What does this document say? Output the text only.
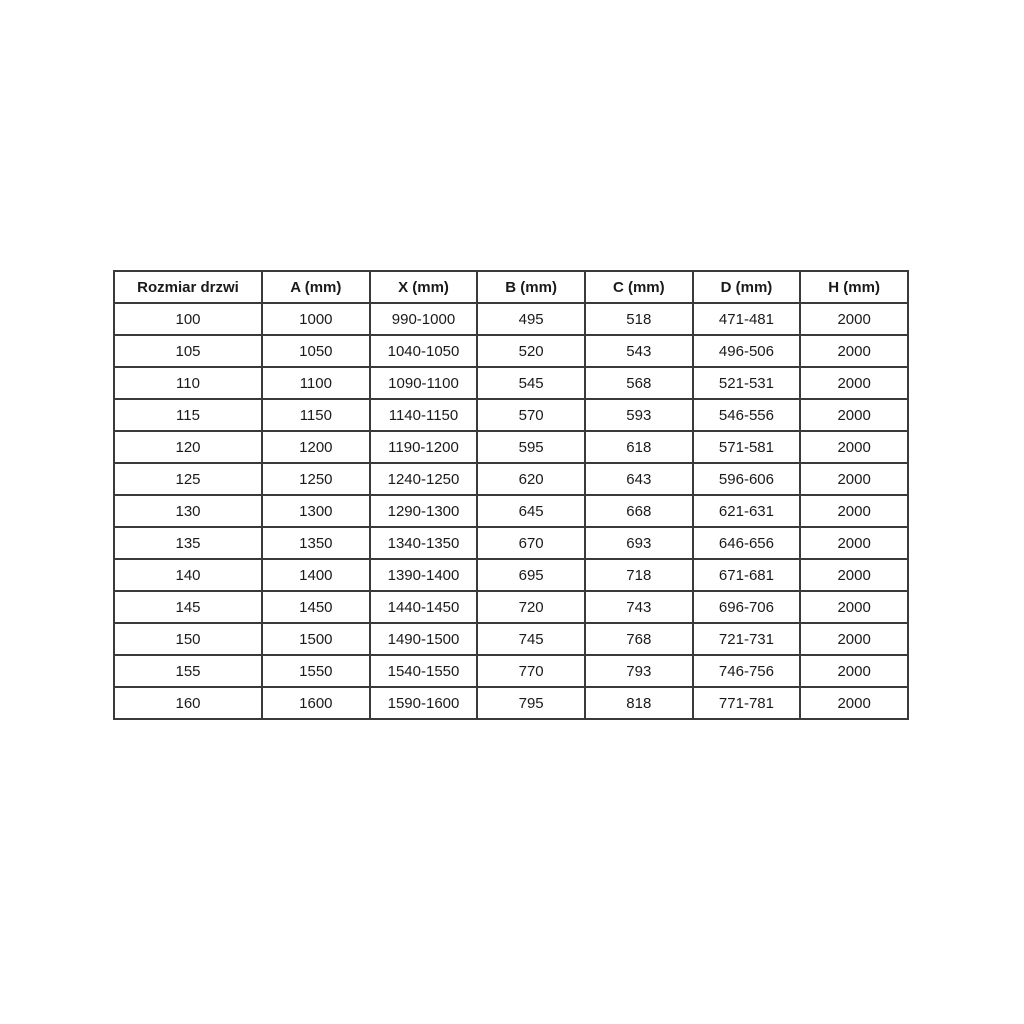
Rozmiar drzwi	A (mm)	X (mm)	B (mm)	C (mm)	D (mm)	H (mm)
100	1000	990-1000	495	518	471-481	2000
105	1050	1040-1050	520	543	496-506	2000
110	1100	1090-1100	545	568	521-531	2000
115	1150	1140-1150	570	593	546-556	2000
120	1200	1190-1200	595	618	571-581	2000
125	1250	1240-1250	620	643	596-606	2000
130	1300	1290-1300	645	668	621-631	2000
135	1350	1340-1350	670	693	646-656	2000
140	1400	1390-1400	695	718	671-681	2000
145	1450	1440-1450	720	743	696-706	2000
150	1500	1490-1500	745	768	721-731	2000
155	1550	1540-1550	770	793	746-756	2000
160	1600	1590-1600	795	818	771-781	2000
